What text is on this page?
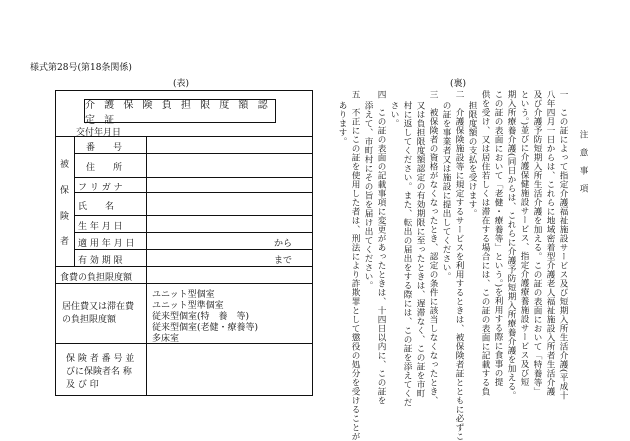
様式第28号(第18条関係)
(表)	(裏)
介 護 保 険 負 担 限 度 額 認 定 証
交付年月日
被
保
険
者
番　　号
住　　所
フ リ ガ ナ
氏　　名
生 年 月 日
適 用 年 月 日
有 効 期 限
から
まで
食費の負担限度額
居住費又は滞在費の負担限度額
ユニット型個室
ユニット型準個室
従来型個室(特　養　等)
従来型個室(老健・療養等)
多床室
保 険 者 番 号 並びに保険者名 称 及 び 印
注　意　事　項
一　この証によって指定介護福祉施設サービス及び短期入所生活介護(平成十
八年四月一日からは、これらに地域密着型介護老人福祉施設入所者生活介護
及び介護予防短期入所生活介護を加える。この証の表面において「特養等」
という。)並びに介護保健施設サービス、指定介護療養施設サービス及び短
期入所療養介護(同日からは、これらに介護予防短期入所療養介護を加える。
この証の表面において「老健・療養等」という。)を利用する際に食事の提
供を受け、又は居住若しくは滞在する場合には、この証の表面に記載する負
担限度額の支払を受けます。
二　介護保険施設等に規定するサービスを利用するときは、被保険者証とともに必ずこ
の証を事業者又は施設に提出してください。
三　被保険者の資格がなくなったとき、認定の条件に該当しなくなったとき、
又は負担限度額認定の有効期限に至ったときは、遅滞なく、この証を市町
村に返してください。また、転出の届出をする際には、この証を添えてくだ
さい。
四　この証の表面の記載事項に変更があったときは、十四日以内に、この証を
添えて、市町村にその旨を届け出てください。
五　不正にこの証を使用した者は、刑法により詐欺罪として懲役の処分を受けることが
あります。
